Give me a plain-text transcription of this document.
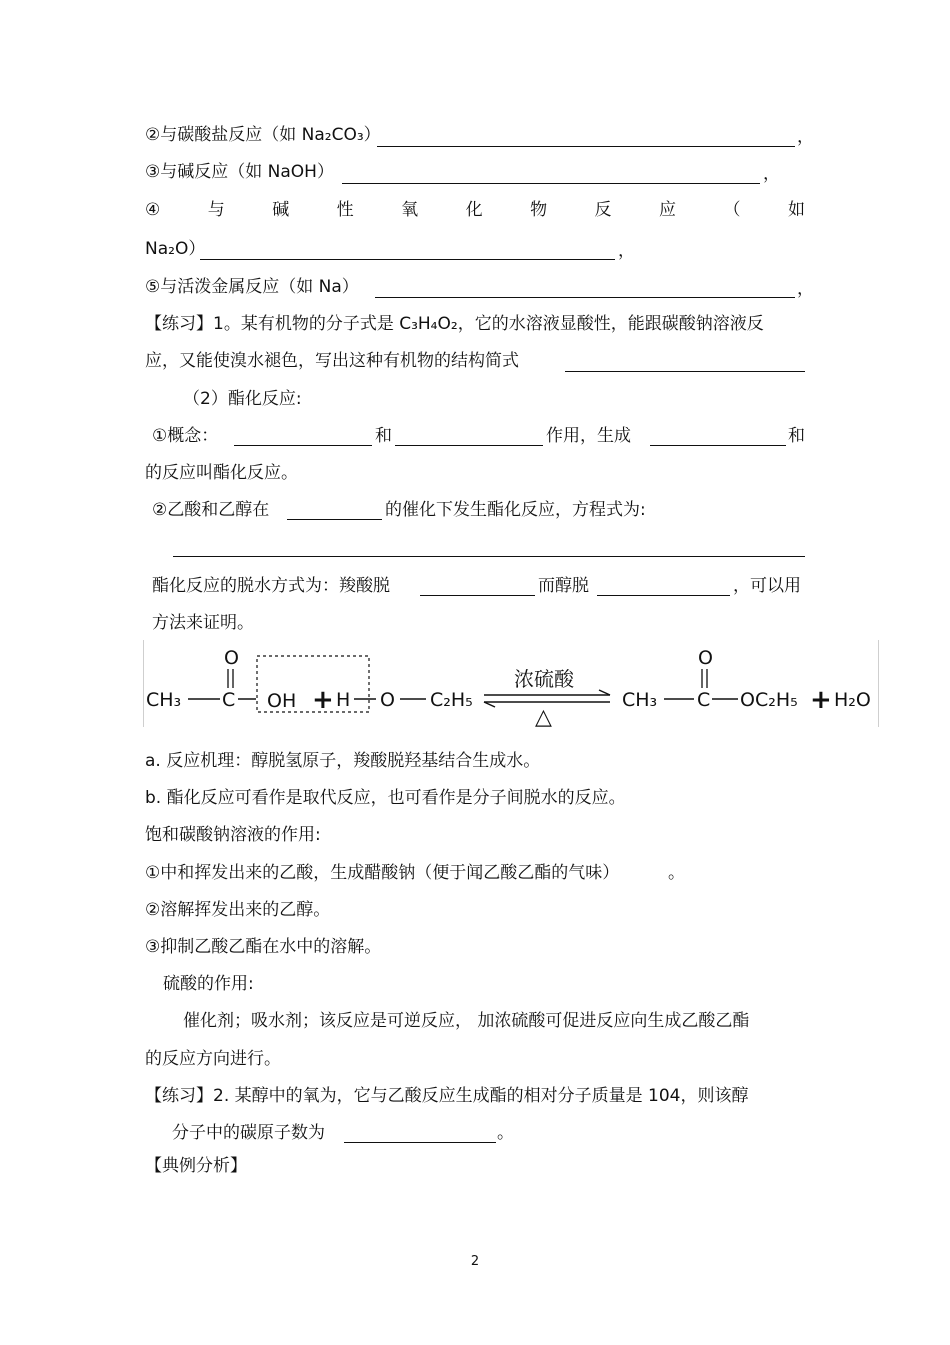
②与碳酸盐反应（如 Na₂CO₃）	，
③与碱反应（如 NaOH）	，
④	与	碱	性	氧	化	物	反	应	（	如
Na₂O）	，
⑤与活泼金属反应（如 Na）	，
【练习】1。某有机物的分子式是 C₃H₄O₂，它的水溶液显酸性，能跟碳酸钠溶液反
应，又能使溴水褪色，写出这种有机物的结构简式
（2）酯化反应:
①概念：	和	作用，生成	和
的反应叫酯化反应。
②乙酸和乙醇在	的催化下发生酯化反应，方程式为:
酯化反应的脱水方式为：羧酸脱	而醇脱	，可以用
方法来证明。
CH₃ C
O
OH + H O C₂H₅
浓硫酸
△
CH₃ C
O
OC₂H₅ + H₂O
a. 反应机理：醇脱氢原子，羧酸脱羟基结合生成水。
b. 酯化反应可看作是取代反应，也可看作是分子间脱水的反应。
饱和碳酸钠溶液的作用:
①中和挥发出来的乙酸，生成醋酸钠（便于闻乙酸乙酯的气味）	。
②溶解挥发出来的乙醇。
③抑制乙酸乙酯在水中的溶解。
硫酸的作用:
催化剂；吸水剂；该反应是可逆反应， 加浓硫酸可促进反应向生成乙酸乙酯
的反应方向进行。
【练习】2. 某醇中的氧为，它与乙酸反应生成酯的相对分子质量是 104，则该醇
分子中的碳原子数为	。
【典例分析】
2
